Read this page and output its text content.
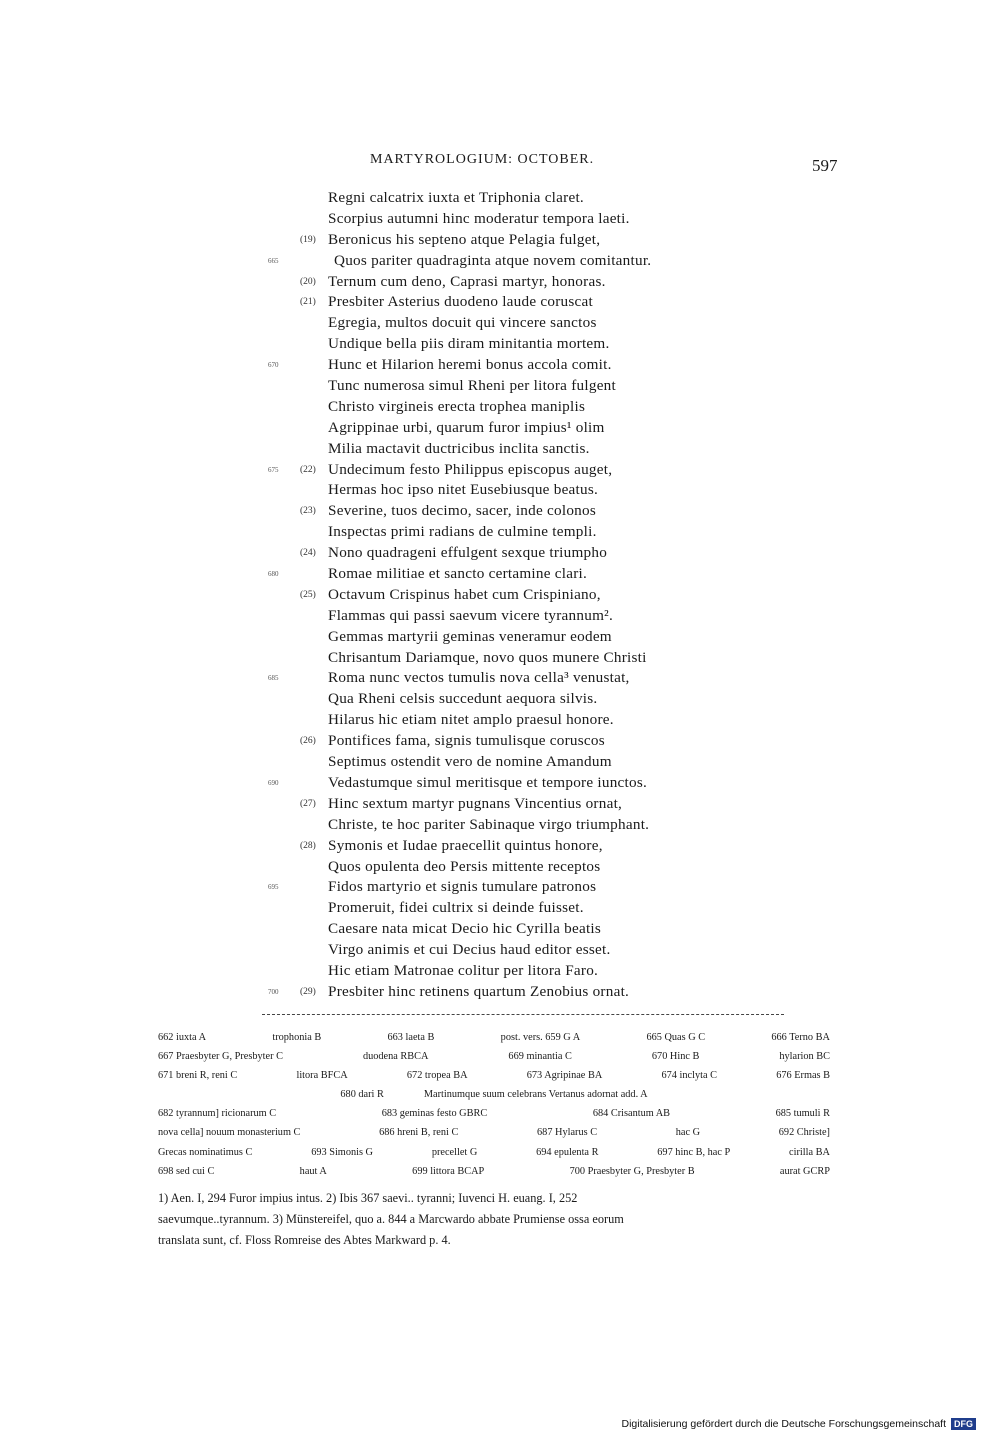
MARTYROLOGIUM: OCTOBER.	597
Regni calcatrix iuxta et Triphonia claret.
Scorpius autumni hinc moderatur tempora laeti.
(19) Beronicus his septeno atque Pelagia fulget,
665	Quos pariter quadraginta atque novem comitantur.
(20) Ternum cum deno, Caprasi martyr, honoras.
(21) Presbiter Asterius duodeno laude coruscat
Egregia, multos docuit qui vincere sanctos
Undique bella piis diram minitantia mortem.
670	Hunc et Hilarion heremi bonus accola comit.
Tunc numerosa simul Rheni per litora fulgent
Christo virgineis erecta trophea maniplis
Agrippinae urbi, quarum furor impius¹ olim
Milia mactavit ductricibus inclita sanctis.
675 (22) Undecimum festo Philippus episcopus auget,
Hermas hoc ipso nitet Eusebiusque beatus.
(23) Severine, tuos decimo, sacer, inde colonos
Inspectas primi radians de culmine templi.
(24) Nono quadrageni effulgent sexque triumpho
680	Romae militiae et sancto certamine clari.
(25) Octavum Crispinus habet cum Crispiniano,
Flammas qui passi saevum vicere tyrannum².
Gemmas martyrii geminas veneramur eodem
Chrisantum Dariamque, novo quos munere Christi
685	Roma nunc vectos tumulis nova cella³ venustat,
Qua Rheni celsis succedunt aequora silvis.
Hilarus hic etiam nitet amplo praesul honore.
(26) Pontifices fama, signis tumulisque coruscos
Septimus ostendit vero de nomine Amandum
690	Vedastumque simul meritisque et tempore iunctos.
(27) Hinc sextum martyr pugnans Vincentius ornat,
Christe, te hoc pariter Sabinaque virgo triumphant.
(28) Symonis et Iudae praecellit quintus honore,
Quos opulenta deo Persis mittente receptos
695	Fidos martyrio et signis tumulare patronos
Promeruit, fidei cultrix si deinde fuisset.
Caesare nata micat Decio hic Cyrilla beatis
Virgo animis et cui Decius haud editor esset.
Hic etiam Matronae colitur per litora Faro.
700 (29) Presbiter hinc retinens quartum Zenobius ornat.
662 iuxta A	trophonia B	663 laeta B	post. vers. 659 G A	665 Quas G C	666 Terno BA
667 Praesbyter G, Presbyter C	duodena RBCA	669 minantia C	670 Hinc B	hylarion BC
671 breni R, reni C	litora BFCA	672 tropea BA	673 Agripinae BA	674 inclyta C	676 Ermas B
680 dari R	Martinumque suum celebrans Vertanus adornat add. A
682 tyrannum] ricionarum C	683 geminas festo GBRC	684 Crisantum AB	685 tumuli R
nova cella] nouum monasterium C	686 hreni B, reni C	687 Hylarus C	hac G	692 Christe]
Grecas nominatimus C	693 Simonis G	precellet G	694 epulenta R	697 hinc B, hac P	cirilla BA
698 sed cui C	haut A	699 littora BCAP	700 Praesbyter G, Presbyter B	aurat GCRP
1) Aen. I, 294 Furor impius intus. 2) Ibis 367 saevi.. tyranni; Iuvenci H. euang. I, 252
saevumque..tyrannum. 3) Münstereifel, quo a. 844 a Marcwardo abbate Prumiense ossa eorum
translata sunt, cf. Floss Romreise des Abtes Markward p. 4.
Digitalisierung gefördert durch die Deutsche Forschungsgemeinschaft DFG
